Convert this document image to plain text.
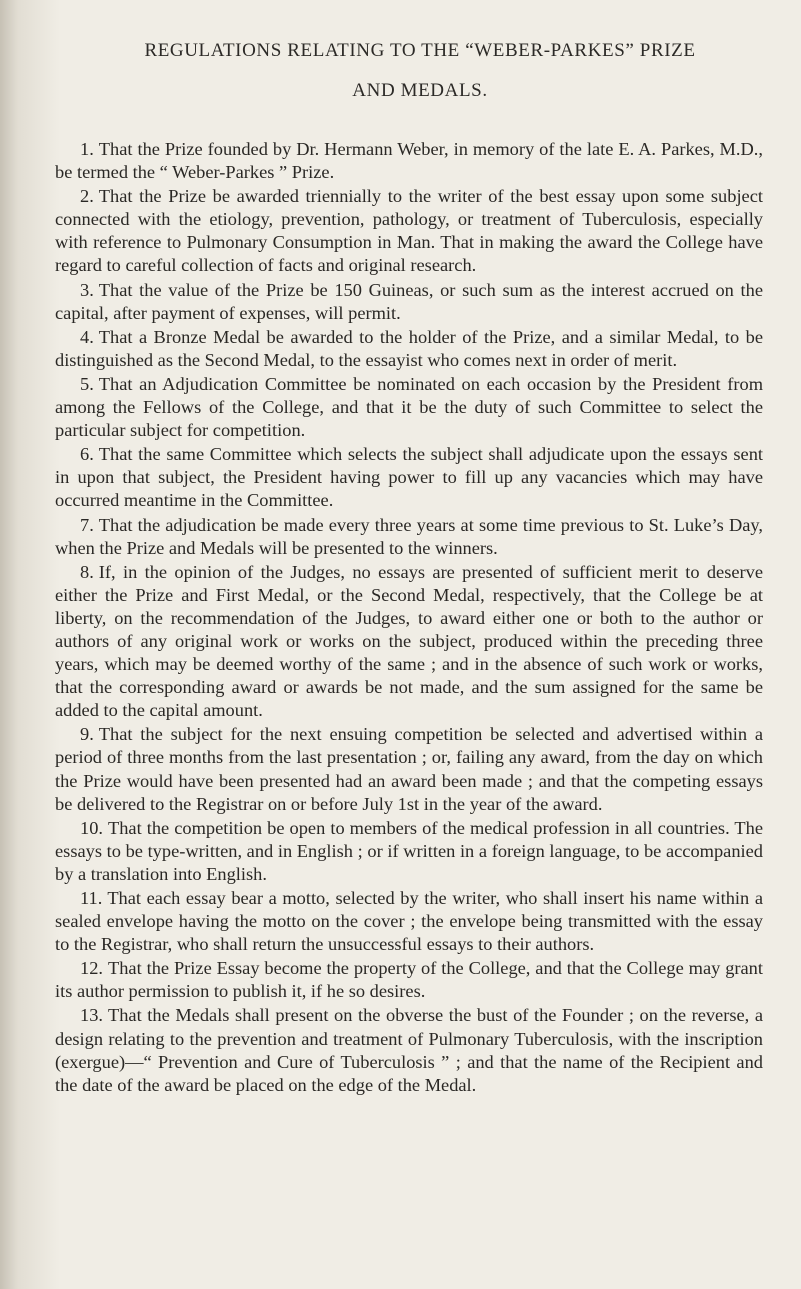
REGULATIONS RELATING TO THE “WEBER-PARKES” PRIZE
AND MEDALS.
1. That the Prize founded by Dr. Hermann Weber, in memory of the late E. A. Parkes, M.D., be termed the “ Weber-Parkes ” Prize.
2. That the Prize be awarded triennially to the writer of the best essay upon some subject connected with the etiology, prevention, pathology, or treatment of Tuberculosis, especially with reference to Pulmonary Consumption in Man. That in making the award the College have regard to careful collection of facts and original research.
3. That the value of the Prize be 150 Guineas, or such sum as the interest accrued on the capital, after payment of expenses, will permit.
4. That a Bronze Medal be awarded to the holder of the Prize, and a similar Medal, to be distinguished as the Second Medal, to the essayist who comes next in order of merit.
5. That an Adjudication Committee be nominated on each occasion by the President from among the Fellows of the College, and that it be the duty of such Committee to select the particular subject for competition.
6. That the same Committee which selects the subject shall adjudicate upon the essays sent in upon that subject, the President having power to fill up any vacancies which may have occurred meantime in the Committee.
7. That the adjudication be made every three years at some time previous to St. Luke’s Day, when the Prize and Medals will be presented to the winners.
8. If, in the opinion of the Judges, no essays are presented of sufficient merit to deserve either the Prize and First Medal, or the Second Medal, respectively, that the College be at liberty, on the recommendation of the Judges, to award either one or both to the author or authors of any original work or works on the subject, produced within the preceding three years, which may be deemed worthy of the same ; and in the absence of such work or works, that the corresponding award or awards be not made, and the sum assigned for the same be added to the capital amount.
9. That the subject for the next ensuing competition be selected and advertised within a period of three months from the last presentation ; or, failing any award, from the day on which the Prize would have been presented had an award been made ; and that the competing essays be delivered to the Registrar on or before July 1st in the year of the award.
10. That the competition be open to members of the medical profession in all countries. The essays to be type-written, and in English ; or if written in a foreign language, to be accompanied by a translation into English.
11. That each essay bear a motto, selected by the writer, who shall insert his name within a sealed envelope having the motto on the cover ; the envelope being transmitted with the essay to the Registrar, who shall return the unsuccessful essays to their authors.
12. That the Prize Essay become the property of the College, and that the College may grant its author permission to publish it, if he so desires.
13. That the Medals shall present on the obverse the bust of the Founder ; on the reverse, a design relating to the prevention and treatment of Pulmonary Tuberculosis, with the inscription (exergue)—“ Prevention and Cure of Tuberculosis ” ; and that the name of the Recipient and the date of the award be placed on the edge of the Medal.
